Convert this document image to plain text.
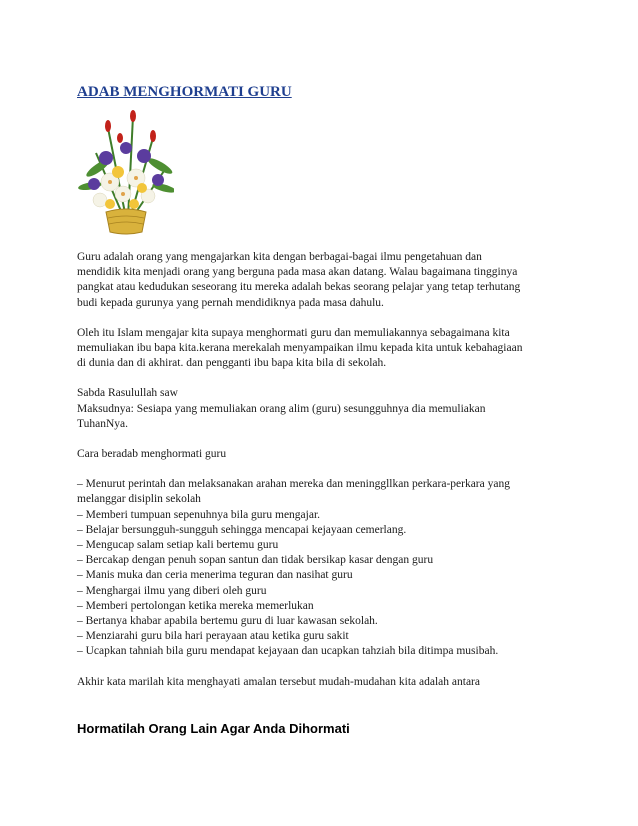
ADAB MENGHORMATI GURU

Guru adalah orang yang mengajarkan kita dengan berbagai-bagai ilmu pengetahuan dan
mendidik kita menjadi orang yang berguna pada masa akan datang. Walau bagaimana tingginya
pangkat atau kedudukan seseorang itu mereka adalah bekas seorang pelajar yang tetap terhutang
budi kepada gurunya yang pernah mendidiknya pada masa dahulu.

Oleh itu Islam mengajar kita supaya menghormati guru dan memuliakannya sebagaimana kita
memuliakan ibu bapa kita.kerana merekalah menyampaikan ilmu kepada kita untuk kebahagiaan
di dunia dan di akhirat. dan pengganti ibu bapa kita bila di sekolah.

Sabda Rasulullah saw
Maksudnya: Sesiapa yang memuliakan orang alim (guru) sesungguhnya dia memuliakan
TuhanNya.

Cara beradab menghormati guru

– Menurut perintah dan melaksanakan arahan mereka dan meninggllkan perkara-perkara yang
melanggar disiplin sekolah
– Memberi tumpuan sepenuhnya bila guru mengajar.
– Belajar bersungguh-sungguh sehingga mencapai kejayaan cemerlang.
– Mengucap salam setiap kali bertemu guru
– Bercakap dengan penuh sopan santun dan tidak bersikap kasar dengan guru
– Manis muka dan ceria menerima teguran dan nasihat guru
– Menghargai ilmu yang diberi oleh guru
– Memberi pertolongan ketika mereka memerlukan
– Bertanya khabar apabila bertemu guru di luar kawasan sekolah.
– Menziarahi guru bila hari perayaan atau ketika guru sakit
– Ucapkan tahniah bila guru mendapat kejayaan dan ucapkan tahziah bila ditimpa musibah.

Akhir kata marilah kita menghayati amalan tersebut mudah-mudahan kita adalah antara

Hormatilah Orang Lain Agar Anda Dihormati
